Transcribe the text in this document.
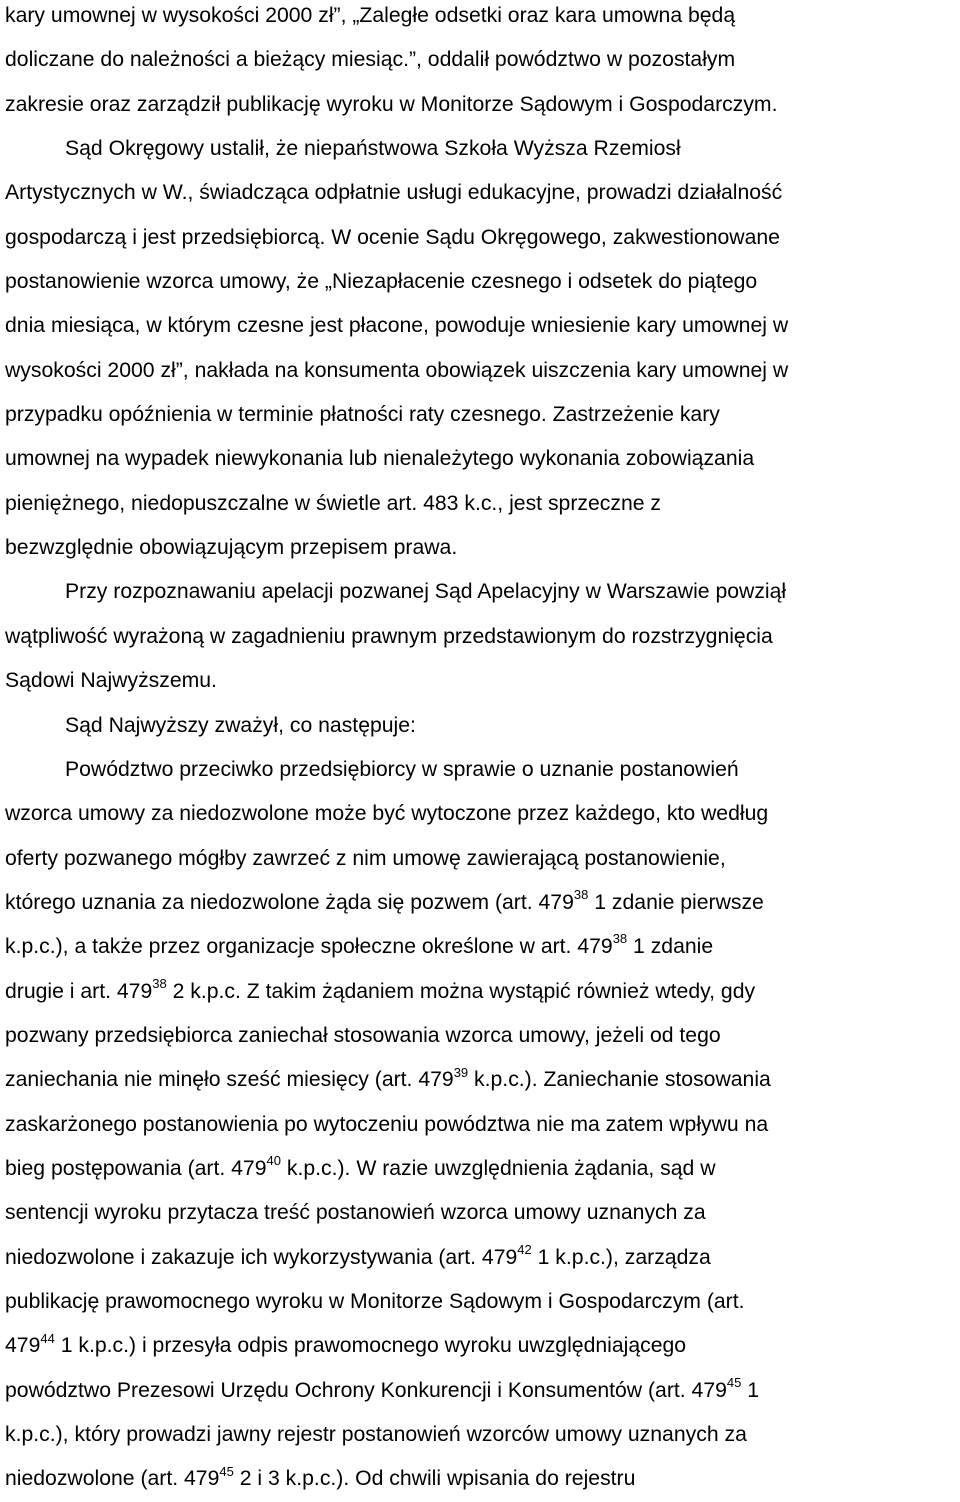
kary umownej w wysokości 2000 zł”, „Zaległe odsetki oraz kara umowna będą
doliczane do należności a bieżący miesiąc.”, oddalił powództwo w pozostałym
zakresie oraz zarządził publikację wyroku w Monitorze Sądowym i Gospodarczym.
Sąd Okręgowy ustalił, że niepaństwowa Szkoła Wyższa Rzemiosł
Artystycznych w W., świadcząca odpłatnie usługi edukacyjne, prowadzi działalność
gospodarczą i jest przedsiębiorcą. W ocenie Sądu Okręgowego, zakwestionowane
postanowienie wzorca umowy, że „Niezapłacenie czesnego i odsetek do piątego
dnia miesiąca, w którym czesne jest płacone, powoduje wniesienie kary umownej w
wysokości 2000 zł”, nakłada na konsumenta obowiązek uiszczenia kary umownej w
przypadku opóźnienia w terminie płatności raty czesnego. Zastrzeżenie kary
umownej na wypadek niewykonania lub nienależytego wykonania zobowiązania
pieniężnego, niedopuszczalne w świetle art. 483 k.c., jest sprzeczne z
bezwzględnie obowiązującym przepisem prawa.
Przy rozpoznawaniu apelacji pozwanej Sąd Apelacyjny w Warszawie powziął
wątpliwość wyrażoną w zagadnieniu prawnym przedstawionym do rozstrzygnięcia
Sądowi Najwyższemu.
Sąd Najwyższy zważył, co następuje:
Powództwo przeciwko przedsiębiorcy w sprawie o uznanie postanowień
wzorca umowy za niedozwolone może być wytoczone przez każdego, kto według
oferty pozwanego mógłby zawrzeć z nim umowę zawierającą postanowienie,
którego uznania za niedozwolone żąda się pozwem (art. $479^{38}$ 1 zdanie pierwsze
k.p.c.), a także przez organizacje społeczne określone w art. $479^{38}$ 1 zdanie
drugie i art. $479^{38}$ 2 k.p.c. Z takim żądaniem można wystąpić również wtedy, gdy
pozwany przedsiębiorca zaniechał stosowania wzorca umowy, jeżeli od tego
zaniechania nie minęło sześć miesięcy (art. $479^{39}$ k.p.c.). Zaniechanie stosowania
zaskarżonego postanowienia po wytoczeniu powództwa nie ma zatem wpływu na
bieg postępowania (art. $479^{40}$ k.p.c.). W razie uwzględnienia żądania, sąd w
sentencji wyroku przytacza treść postanowień wzorca umowy uznanych za
niedozwolone i zakazuje ich wykorzystywania (art. $479^{42}$ 1 k.p.c.), zarządza
publikację prawomocnego wyroku w Monitorze Sądowym i Gospodarczym (art.
$479^{44}$ 1 k.p.c.) i przesyła odpis prawomocnego wyroku uwzględniającego
powództwo Prezesowi Urzędu Ochrony Konkurencji i Konsumentów (art. $479^{45}$ 1
k.p.c.), który prowadzi jawny rejestr postanowień wzorców umowy uznanych za
niedozwolone (art. $479^{45}$ 2 i 3 k.p.c.). Od chwili wpisania do rejestru
